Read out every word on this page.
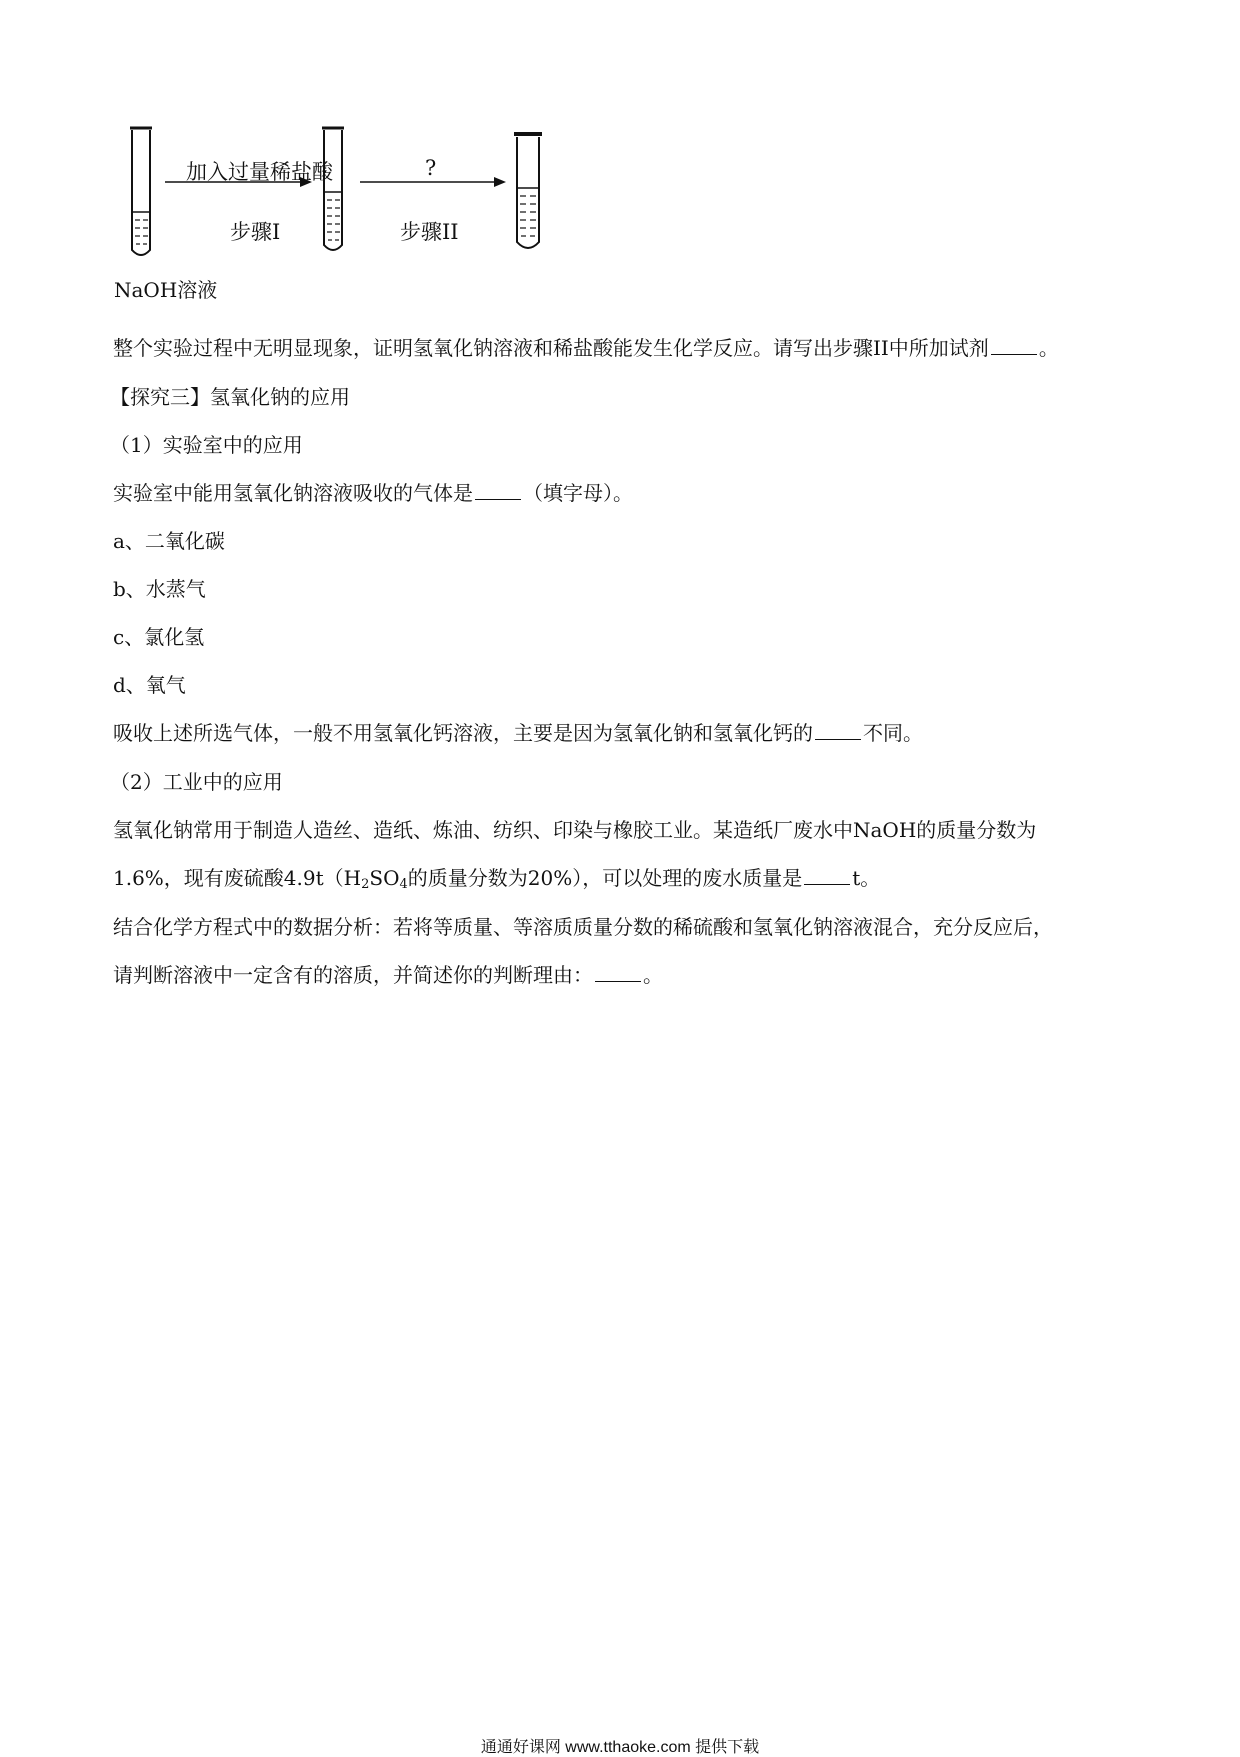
加入过量稀盐酸
步骤I
?
步骤II
NaOH溶液
整个实验过程中无明显现象，证明氢氧化钠溶液和稀盐酸能发生化学反应。请写出步骤II中所加试剂	。
【探究三】氢氧化钠的应用
（1）实验室中的应用
实验室中能用氢氧化钠溶液吸收的气体是	（填字母）。
a、二氧化碳
b、水蒸气
c、氯化氢
d、氧气
吸收上述所选气体，一般不用氢氧化钙溶液，主要是因为氢氧化钠和氢氧化钙的	不同。
（2）工业中的应用
氢氧化钠常用于制造人造丝、造纸、炼油、纺织、印染与橡胶工业。某造纸厂废水中NaOH的质量分数为
1.6%，现有废硫酸$4.9t(H_2SO_4$的质量分数为20%），可以处理的废水质量是	t。
结合化学方程式中的数据分析：若将等质量、等溶质质量分数的稀硫酸和氢氧化钠溶液混合，充分反应后，
请判断溶液中一定含有的溶质，并简述你的判断理由：	。
通通好课网 www.tthaoke.com 提供下载
